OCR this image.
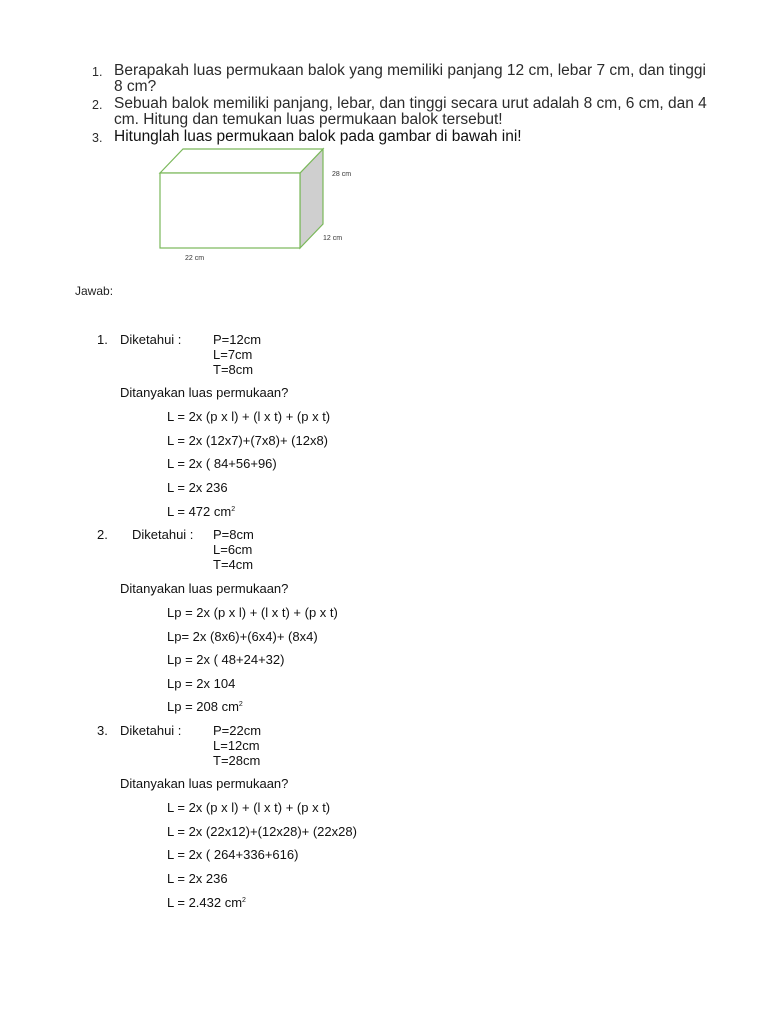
1. Berapakah luas permukaan balok yang memiliki panjang 12 cm, lebar 7 cm, dan tinggi 8 cm?
2. Sebuah balok memiliki panjang, lebar, dan tinggi secara urut adalah 8 cm, 6 cm, dan 4 cm. Hitung dan temukan luas permukaan balok tersebut!
3. Hitunglah luas permukaan balok pada gambar di bawah ini!
28 cm
12 cm
22 cm
Jawab:
1. Diketahui : P=12cm
L=7cm
T=8cm
Ditanyakan luas permukaan?
L = 2x (p x l) + (l x t) + (p x t)
L = 2x (12x7)+(7x8)+ (12x8)
L = 2x ( 84+56+96)
L = 2x 236
L = 472 $cm^2$
2. Diketahui : P=8cm
L=6cm
T=4cm
Ditanyakan luas permukaan?
Lp = 2x (p x l) + (l x t) + (p x t)
Lp= 2x (8x6)+(6x4)+ (8x4)
Lp = 2x ( 48+24+32)
Lp = 2x 104
Lp = 208 $cm^2$
3. Diketahui : P=22cm
L=12cm
T=28cm
Ditanyakan luas permukaan?
L = 2x (p x l) + (l x t) + (p x t)
L = 2x (22x12)+(12x28)+ (22x28)
L = 2x ( 264+336+616)
L = 2x 236
L = 2.432 $cm^2$
